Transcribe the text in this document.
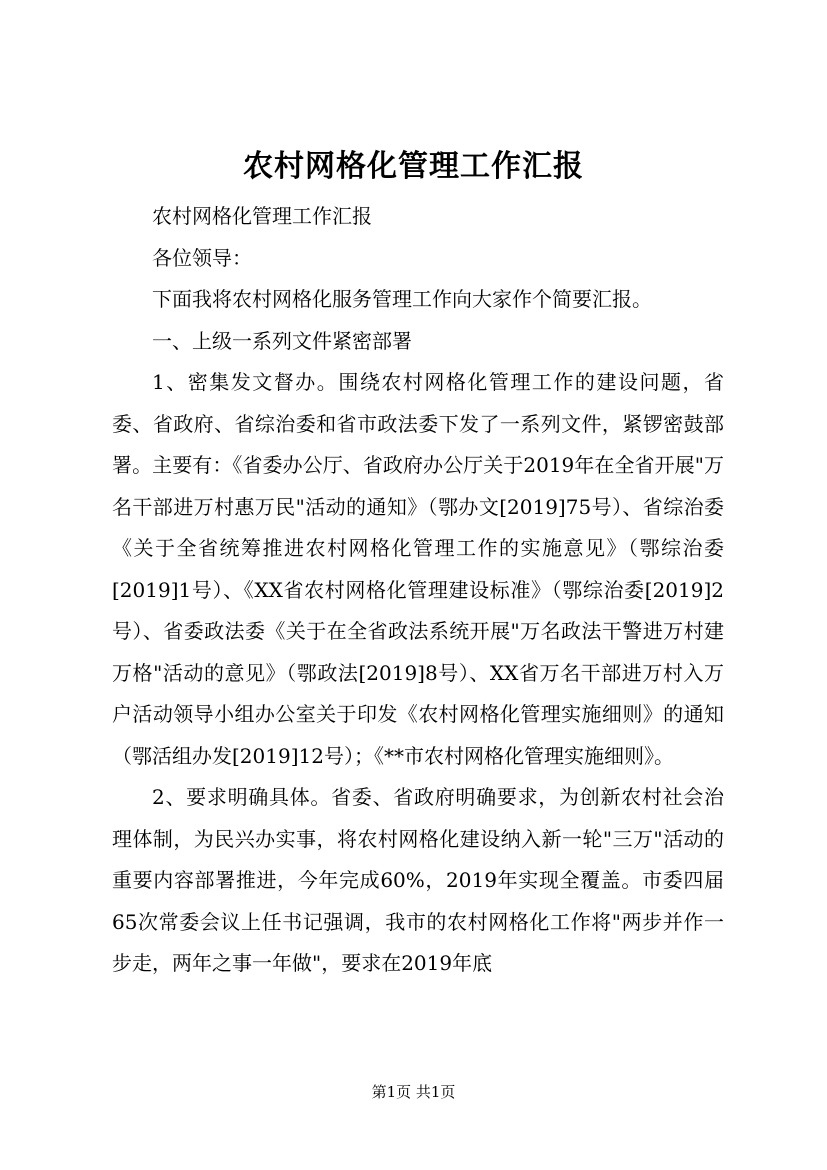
农村网格化管理工作汇报

农村网格化管理工作汇报

各位领导：

下面我将农村网格化服务管理工作向大家作个简要汇报。

一、上级一系列文件紧密部署

1、密集发文督办。围绕农村网格化管理工作的建设问题，省委、省政府、省综治委和省市政法委下发了一系列文件，紧锣密鼓部署。主要有：《省委办公厅、省政府办公厅关于2019年在全省开展"万名干部进万村惠万民"活动的通知》（鄂办文[2019]75号）、省综治委《关于全省统筹推进农村网格化管理工作的实施意见》（鄂综治委[2019]1号）、《XX省农村网格化管理建设标准》（鄂综治委[2019]2号）、省委政法委《关于在全省政法系统开展"万名政法干警进万村建万格"活动的意见》（鄂政法[2019]8号）、XX省万名干部进万村入万户活动领导小组办公室关于印发《农村网格化管理实施细则》的通知（鄂活组办发[2019]12号）；《**市农村网格化管理实施细则》。

2、要求明确具体。省委、省政府明确要求，为创新农村社会治理体制，为民兴办实事，将农村网格化建设纳入新一轮"三万"活动的重要内容部署推进，今年完成60%，2019年实现全覆盖。市委四届65次常委会议上任书记强调，我市的农村网格化工作将"两步并作一步走，两年之事一年做"，要求在2019年底

第1页 共1页
